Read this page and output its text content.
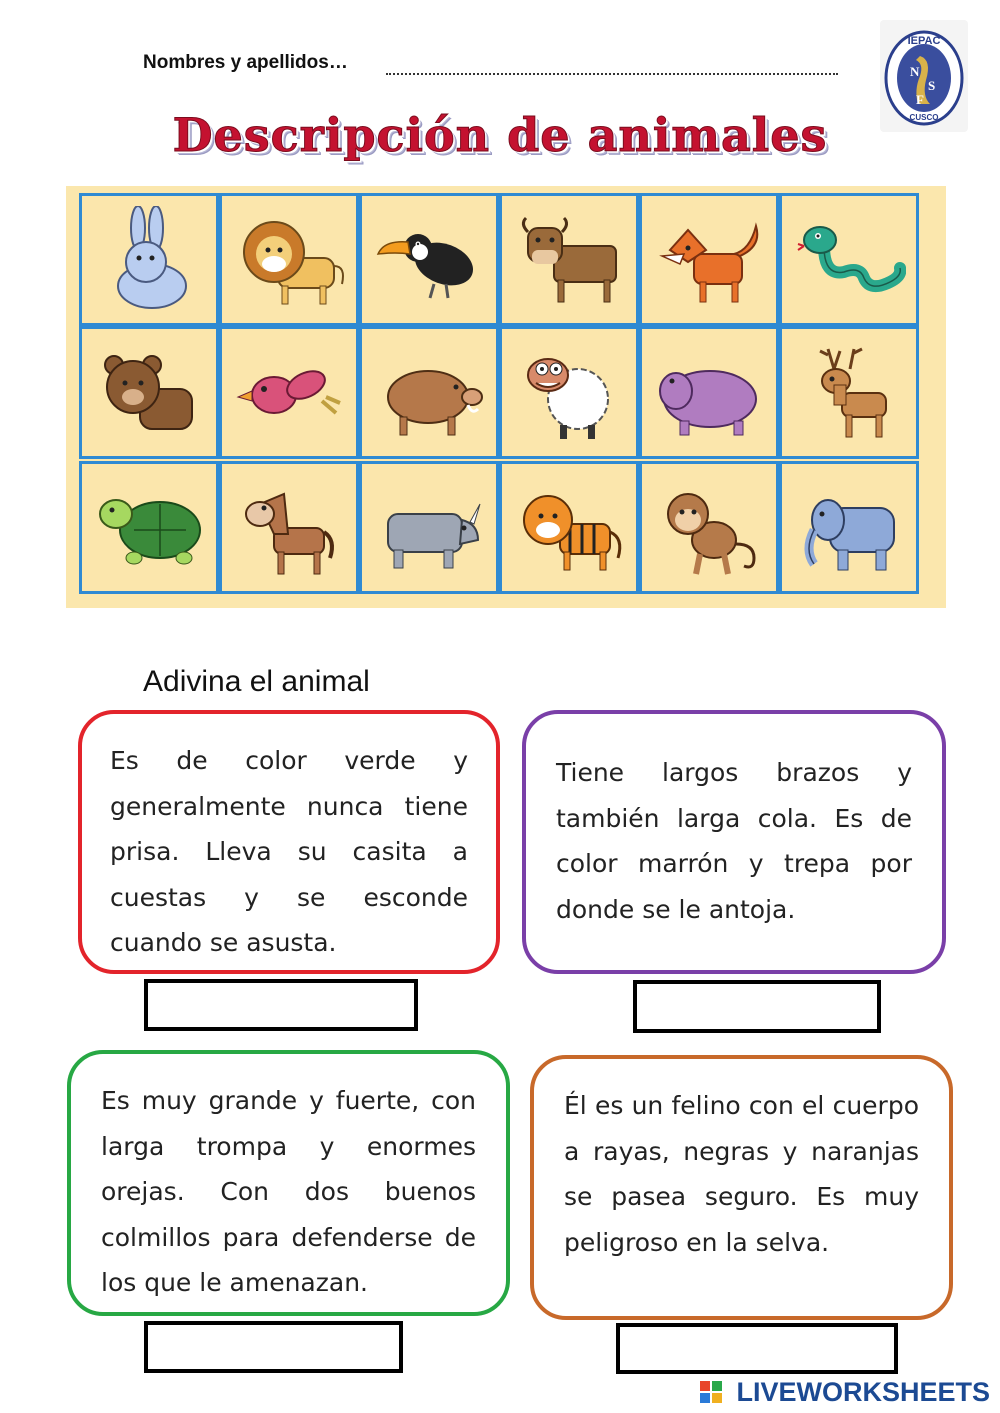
Nombres y apellidos…
IEPAC
N
S
F
CUSCO
Descripción de animales
Adivina el animal

Es de color verde y generalmente nunca tiene prisa. Lleva su casita a cuestas y se esconde cuando se asusta.

Tiene largos brazos y también larga cola. Es de color marrón y trepa por donde se le antoja.

Es muy grande y fuerte, con larga trompa y enormes orejas. Con dos buenos colmillos para defenderse de los que le amenazan.

Él es un felino con el cuerpo a rayas, negras y naranjas se pasea seguro. Es muy peligroso en la selva.

LIVEWORKSHEETS
